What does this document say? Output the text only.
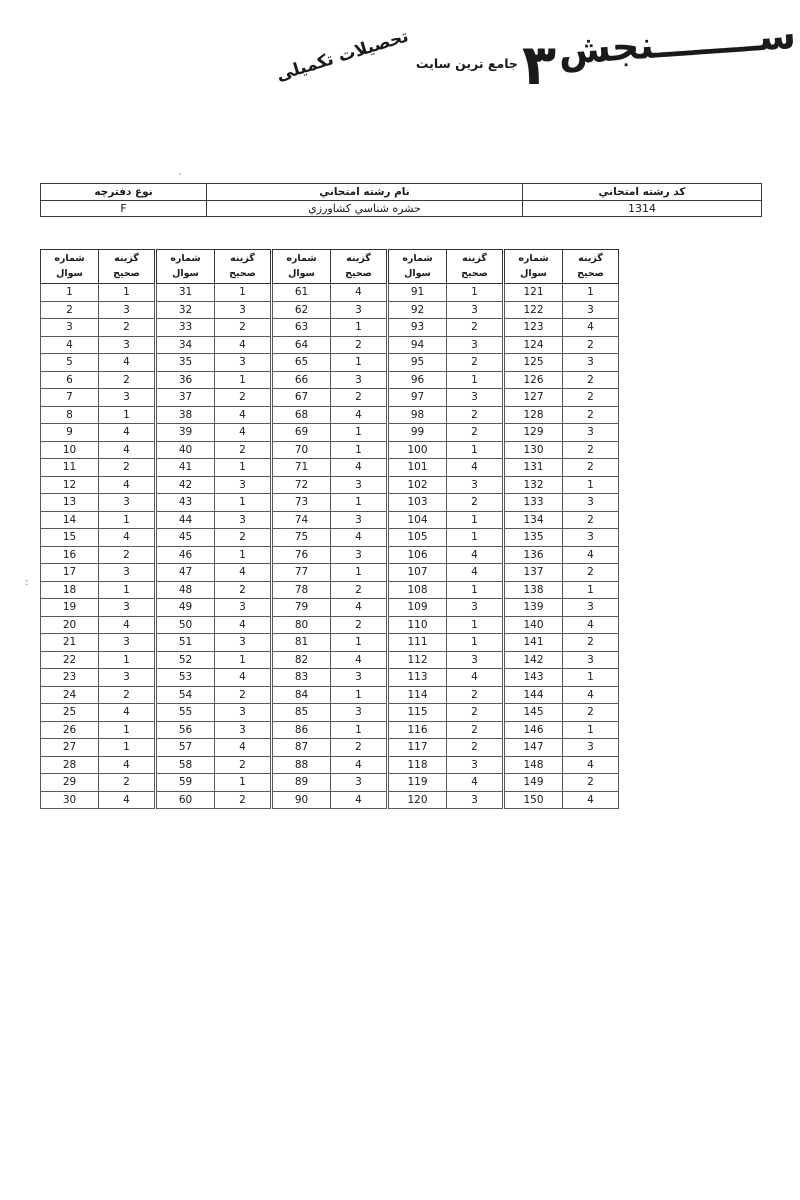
ســــــــنجش
۳
جامع ترین سایت
تحصیلات تکمیلی
كد رشته امتحاني	نام رشته امتحاني	نوع دفترچه
1314	حشره شناسي كشاورزي	F
شماره
سوال	گزينه
صحيح
1	1
2	3
3	2
4	3
5	4
6	2
7	3
8	1
9	4
10	4
11	2
12	4
13	3
14	1
15	4
16	2
17	3
18	1
19	3
20	4
21	3
22	1
23	3
24	2
25	4
26	1
27	1
28	4
29	2
30	4
شماره
سوال	گزينه
صحيح
31	1
32	3
33	2
34	4
35	3
36	1
37	2
38	4
39	4
40	2
41	1
42	3
43	1
44	3
45	2
46	1
47	4
48	2
49	3
50	4
51	3
52	1
53	4
54	2
55	3
56	3
57	4
58	2
59	1
60	2
شماره
سوال	گزينه
صحيح
61	4
62	3
63	1
64	2
65	1
66	3
67	2
68	4
69	1
70	1
71	4
72	3
73	1
74	3
75	4
76	3
77	1
78	2
79	4
80	2
81	1
82	4
83	3
84	1
85	3
86	1
87	2
88	4
89	3
90	4
شماره
سوال	گزينه
صحيح
91	1
92	3
93	2
94	3
95	2
96	1
97	3
98	2
99	2
100	1
101	4
102	3
103	2
104	1
105	1
106	4
107	4
108	1
109	3
110	1
111	1
112	3
113	4
114	2
115	2
116	2
117	2
118	3
119	4
120	3
شماره
سوال	گزينه
صحيح
121	1
122	3
123	4
124	2
125	3
126	2
127	2
128	2
129	3
130	2
131	2
132	1
133	3
134	2
135	3
136	4
137	2
138	1
139	3
140	4
141	2
142	3
143	1
144	4
145	2
146	1
147	3
148	4
149	2
150	4
:
·
